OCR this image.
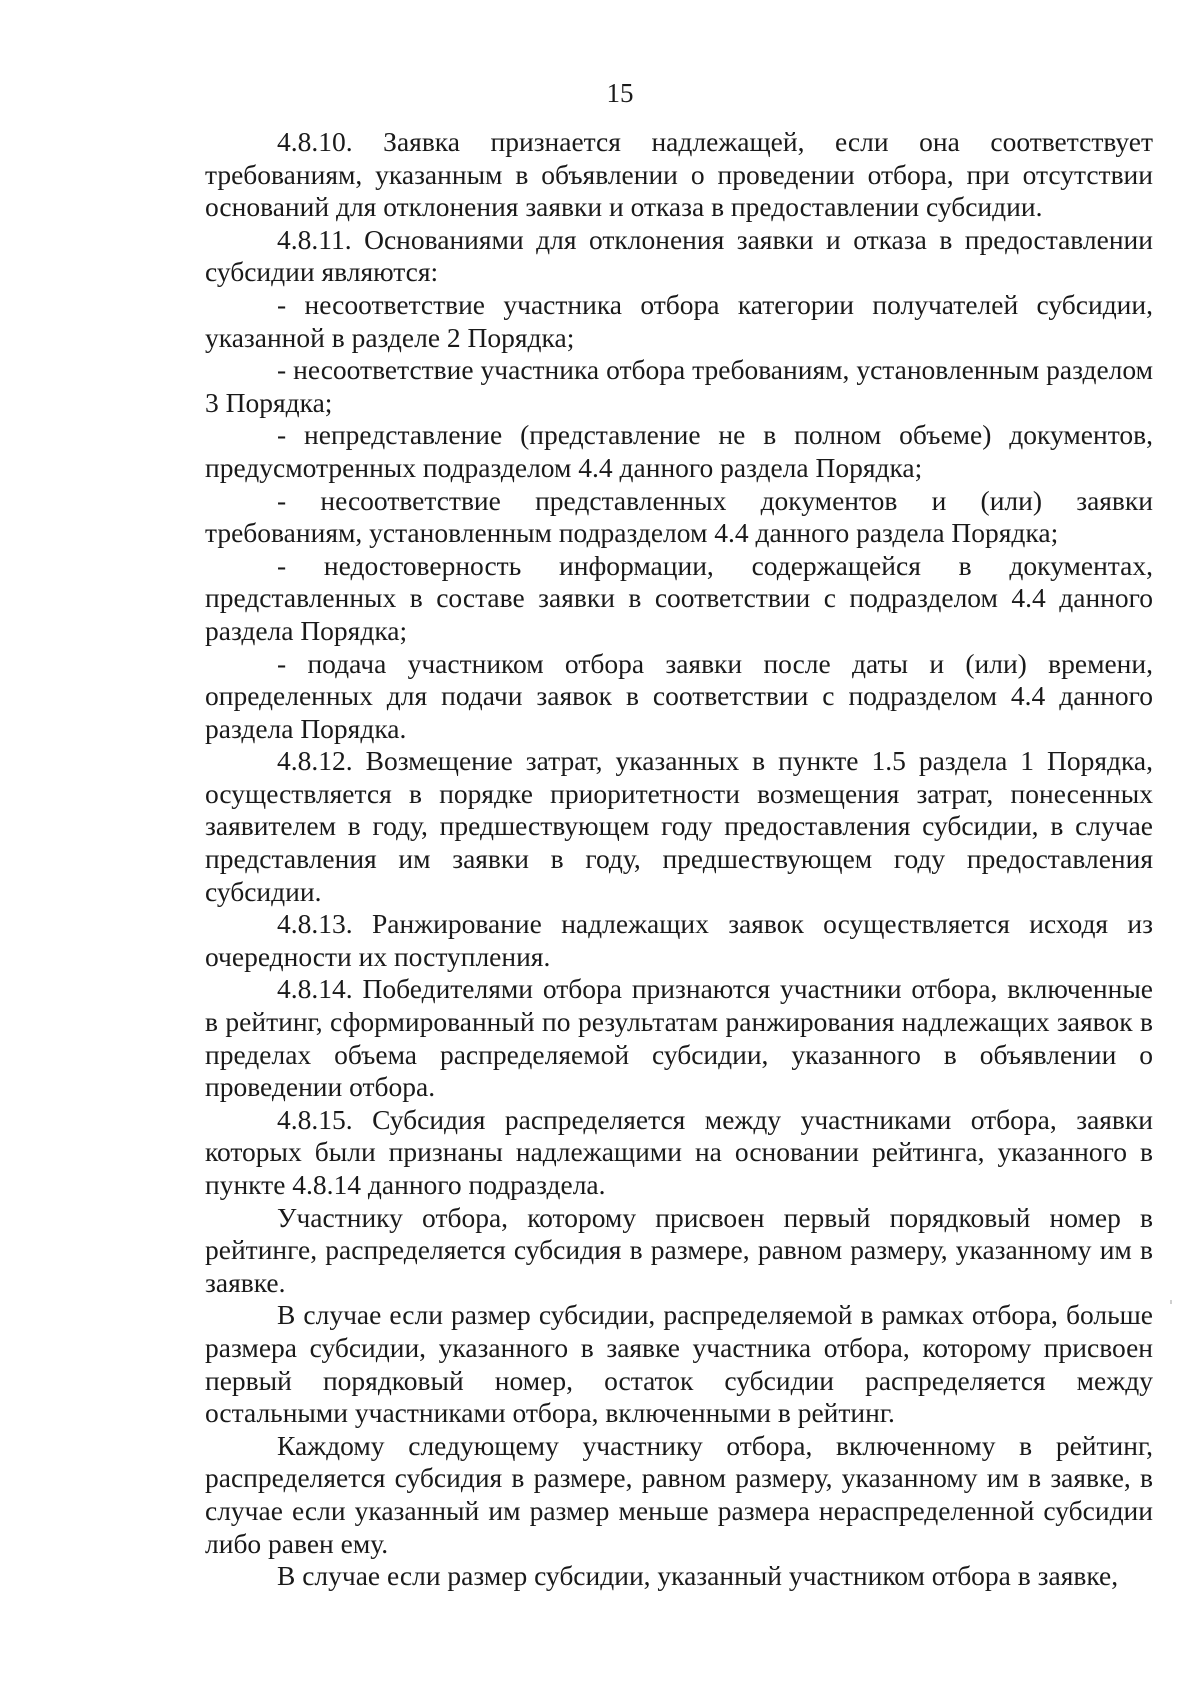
15

4.8.10. Заявка признается надлежащей, если она соответствует требованиям, указанным в объявлении о проведении отбора, при отсутствии оснований для отклонения заявки и отказа в предоставлении субсидии.

4.8.11. Основаниями для отклонения заявки и отказа в предоставлении субсидии являются:

- несоответствие участника отбора категории получателей субсидии, указанной в разделе 2 Порядка;

- несоответствие участника отбора требованиям, установленным разделом 3 Порядка;

- непредставление (представление не в полном объеме) документов, предусмотренных подразделом 4.4 данного раздела Порядка;

- несоответствие представленных документов и (или) заявки требованиям, установленным подразделом 4.4 данного раздела Порядка;

- недостоверность информации, содержащейся в документах, представленных в составе заявки в соответствии с подразделом 4.4 данного раздела Порядка;

- подача участником отбора заявки после даты и (или) времени, определенных для подачи заявок в соответствии с подразделом 4.4 данного раздела Порядка.

4.8.12. Возмещение затрат, указанных в пункте 1.5 раздела 1 Порядка, осуществляется в порядке приоритетности возмещения затрат, понесенных заявителем в году, предшествующем году предоставления субсидии, в случае представления им заявки в году, предшествующем году предоставления субсидии.

4.8.13. Ранжирование надлежащих заявок осуществляется исходя из очередности их поступления.

4.8.14. Победителями отбора признаются участники отбора, включенные в рейтинг, сформированный по результатам ранжирования надлежащих заявок в пределах объема распределяемой субсидии, указанного в объявлении о проведении отбора.

4.8.15. Субсидия распределяется между участниками отбора, заявки которых были признаны надлежащими на основании рейтинга, указанного в пункте 4.8.14 данного подраздела.

Участнику отбора, которому присвоен первый порядковый номер в рейтинге, распределяется субсидия в размере, равном размеру, указанному им в заявке.

В случае если размер субсидии, распределяемой в рамках отбора, больше размера субсидии, указанного в заявке участника отбора, которому присвоен первый порядковый номер, остаток субсидии распределяется между остальными участниками отбора, включенными в рейтинг.

Каждому следующему участнику отбора, включенному в рейтинг, распределяется субсидия в размере, равном размеру, указанному им в заявке, в случае если указанный им размер меньше размера нераспределенной субсидии либо равен ему.

В случае если размер субсидии, указанный участником отбора в заявке,
